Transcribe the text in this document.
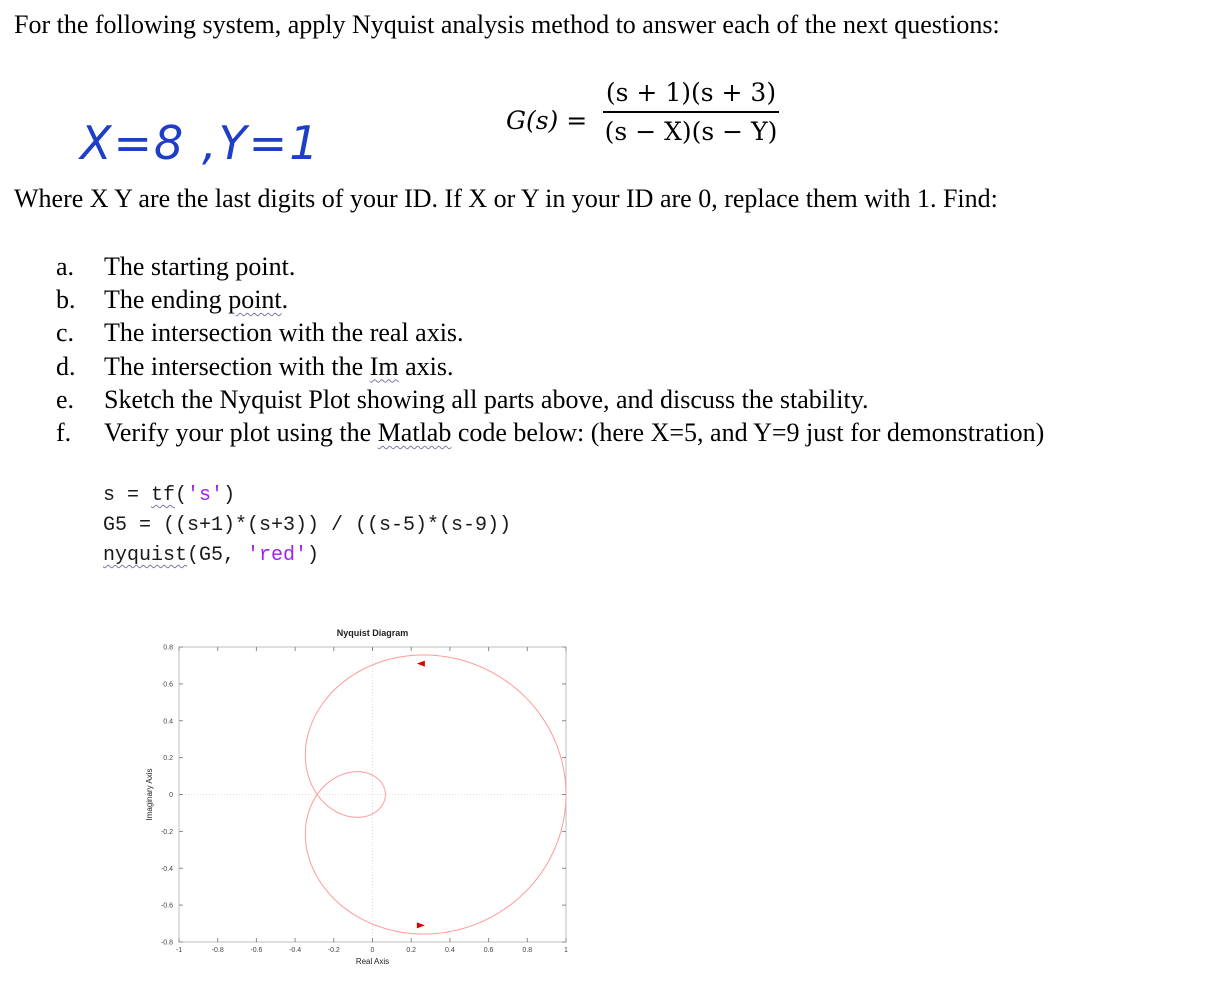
For the following system, apply Nyquist analysis method to answer each of the next questions:
X=8 ,Y=1	G(s) =
(s + 1)(s + 3)
(s − X)(s − Y)
Where X Y are the last digits of your ID. If X or Y in your ID are 0, replace them with 1. Find:
a.	The starting point.
b.	The ending point.
c.	The intersection with the real axis.
d.	The intersection with the Im axis.
e.	Sketch the Nyquist Plot showing all parts above, and discuss the stability.
f.	Verify your plot using the Matlab code below: (here X=5, and Y=9 just for demonstration)
s = tf('s')
G5 = ((s+1)*(s+3)) / ((s-5)*(s-9))
nyquist(G5, 'red')
-1	-0.8	-0.6	-0.4	-0.2	0	0.2	0.4	0.6	0.8	1
0.8
0.6
0.4
0.2
0
-0.2
-0.4
-0.6
-0.8
Nyquist Diagram
Real Axis
Imaginary Axis
